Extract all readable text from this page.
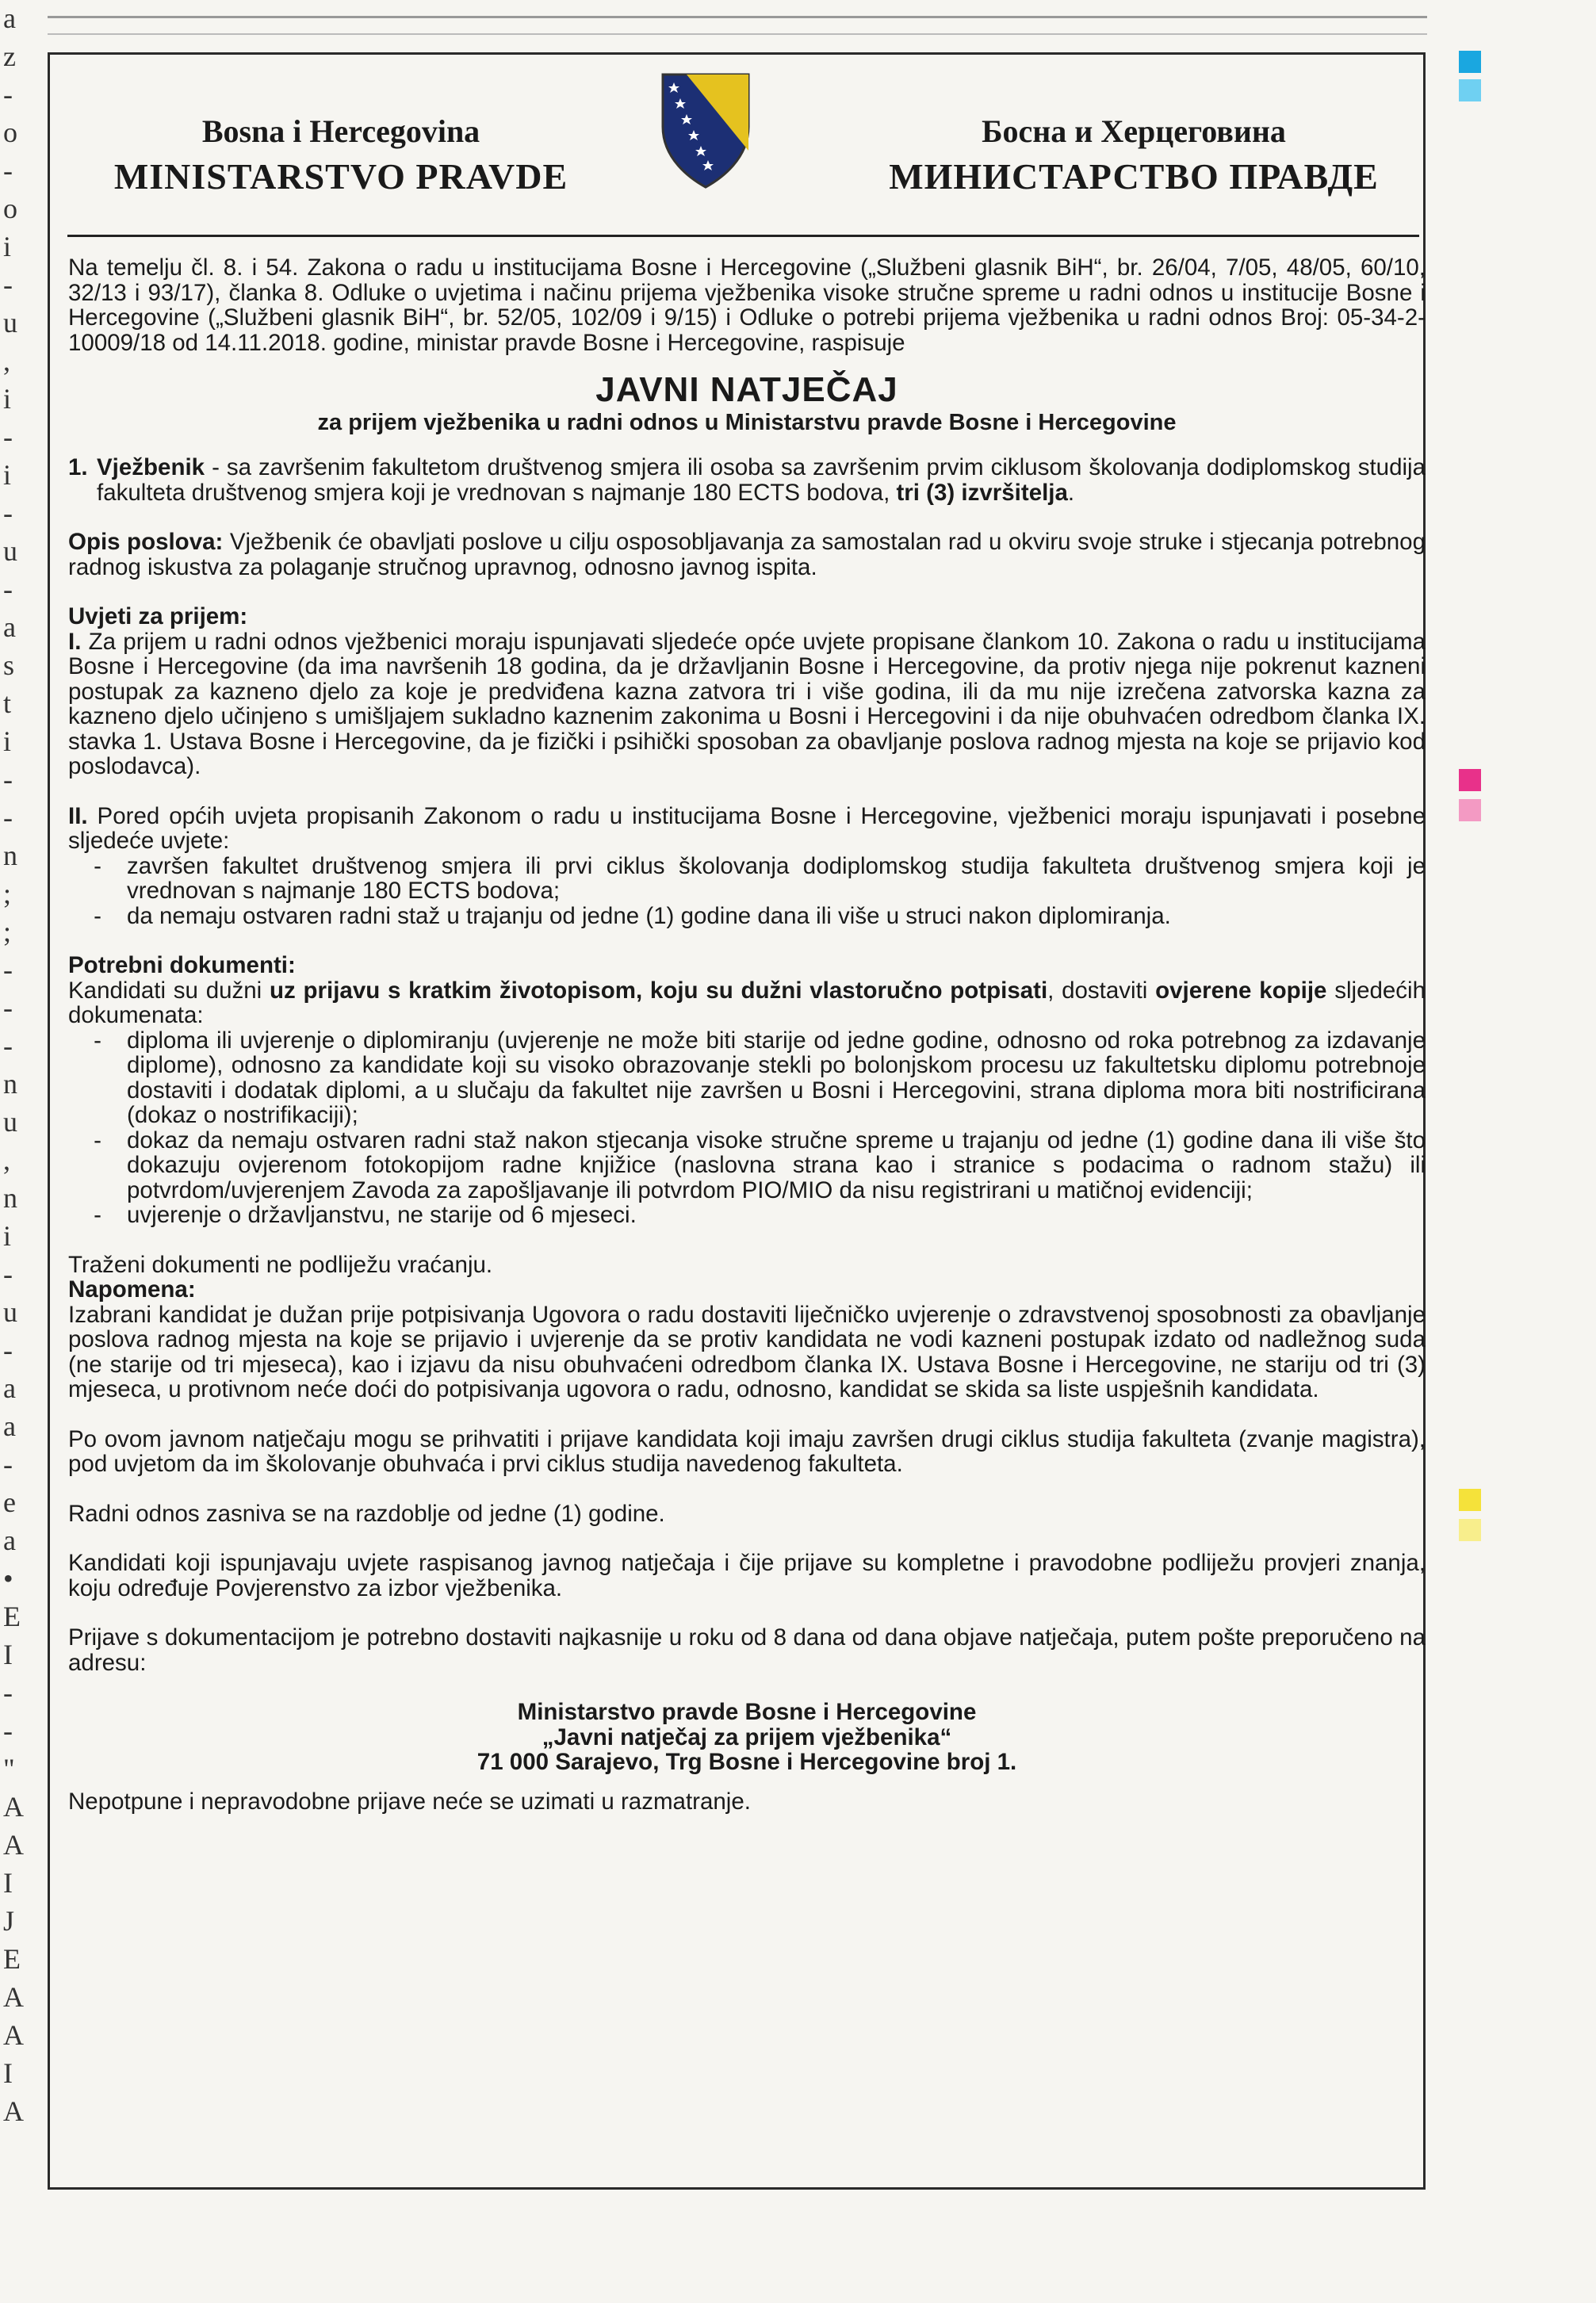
a
z
-
o
-
o
i
-
u
,
i
-
i
-
u
-
a
s
t
i
-
-
n
;
;
-
-
-
n
u
,
n
i
-
u
-
a
a
-
e
a
•
E
I
-
-
"
A
A
I
J
E
A
A
I
A
Bosna i Hercegovina
MINISTARSTVO PRAVDE
Босна и Херцеговина
МИНИСТАРСТВО ПРАВДЕ

Na temelju čl. 8. i 54. Zakona o radu u institucijama Bosne i Hercegovine („Službeni glasnik BiH“, br. 26/04, 7/05, 48/05, 60/10, 32/13 i 93/17), članka 8. Odluke o uvjetima i načinu prijema vježbenika visoke stručne spreme u radni odnos u institucije Bosne i Hercegovine („Službeni glasnik BiH“, br. 52/05, 102/09 i 9/15) i Odluke o potrebi prijema vježbenika u radni odnos Broj: 05-34-2-10009/18 od 14.11.2018. godine, ministar pravde Bosne i Hercegovine, raspisuje

JAVNI NATJEČAJ
za prijem vježbenika u radni odnos u Ministarstvu pravde Bosne i Hercegovine
1. Vježbenik - sa završenim fakultetom društvenog smjera ili osoba sa završenim prvim ciklusom školovanja dodiplomskog studija fakulteta društvenog smjera koji je vrednovan s najmanje 180 ECTS bodova, tri (3) izvršitelja.

Opis poslova: Vježbenik će obavljati poslove u cilju osposobljavanja za samostalan rad u okviru svoje struke i stjecanja potrebnog radnog iskustva za polaganje stručnog upravnog, odnosno javnog ispita.

Uvjeti za prijem:

I. Za prijem u radni odnos vježbenici moraju ispunjavati sljedeće opće uvjete propisane člankom 10. Zakona o radu u institucijama Bosne i Hercegovine (da ima navršenih 18 godina, da je državljanin Bosne i Hercegovine, da protiv njega nije pokrenut kazneni postupak za kazneno djelo za koje je predviđena kazna zatvora tri i više godina, ili da mu nije izrečena zatvorska kazna za kazneno djelo učinjeno s umišljajem sukladno kaznenim zakonima u Bosni i Hercegovini i da nije obuhvaćen odredbom članka IX. stavka 1. Ustava Bosne i Hercegovine, da je fizički i psihički sposoban za obavljanje poslova radnog mjesta na koje se prijavio kod poslodavca).

II. Pored općih uvjeta propisanih Zakonom o radu u institucijama Bosne i Hercegovine, vježbenici moraju ispunjavati i posebne sljedeće uvjete:

-	završen fakultet društvenog smjera ili prvi ciklus školovanja dodiplomskog studija fakulteta društvenog smjera koji je vrednovan s najmanje 180 ECTS bodova;
-	da nemaju ostvaren radni staž u trajanju od jedne (1) godine dana ili više u struci nakon diplomiranja.

Potrebni dokumenti:

Kandidati su dužni uz prijavu s kratkim životopisom, koju su dužni vlastoručno potpisati, dostaviti ovjerene kopije sljedećih dokumenata:

-	diploma ili uvjerenje o diplomiranju (uvjerenje ne može biti starije od jedne godine, odnosno od roka potrebnog za izdavanje diplome), odnosno za kandidate koji su visoko obrazovanje stekli po bolonjskom procesu uz fakultetsku diplomu potrebnoje dostaviti i dodatak diplomi, a u slučaju da fakultet nije završen u Bosni i Hercegovini, strana diploma mora biti nostrificirana (dokaz o nostrifikaciji);
-	dokaz da nemaju ostvaren radni staž nakon stjecanja visoke stručne spreme u trajanju od jedne (1) godine dana ili više što dokazuju ovjerenom fotokopijom radne knjižice (naslovna strana kao i stranice s podacima o radnom stažu) ili potvrdom/uvjerenjem Zavoda za zapošljavanje ili potvrdom PIO/MIO da nisu registrirani u matičnoj evidenciji;
-	uvjerenje o državljanstvu, ne starije od 6 mjeseci.

Traženi dokumenti ne podliježu vraćanju.

Napomena:

Izabrani kandidat je dužan prije potpisivanja Ugovora o radu dostaviti liječničko uvjerenje o zdravstvenoj sposobnosti za obavljanje poslova radnog mjesta na koje se prijavio i uvjerenje da se protiv kandidata ne vodi kazneni postupak izdato od nadležnog suda (ne starije od tri mjeseca), kao i izjavu da nisu obuhvaćeni odredbom članka IX. Ustava Bosne i Hercegovine, ne stariju od tri (3) mjeseca, u protivnom neće doći do potpisivanja ugovora o radu, odnosno, kandidat se skida sa liste uspješnih kandidata.

Po ovom javnom natječaju mogu se prihvatiti i prijave kandidata koji imaju završen drugi ciklus studija fakulteta (zvanje magistra), pod uvjetom da im školovanje obuhvaća i prvi ciklus studija navedenog fakulteta.

Radni odnos zasniva se na razdoblje od jedne (1) godine.

Kandidati koji ispunjavaju uvjete raspisanog javnog natječaja i čije prijave su kompletne i pravodobne podliježu provjeri znanja, koju određuje Povjerenstvo za izbor vježbenika.

Prijave s dokumentacijom je potrebno dostaviti najkasnije u roku od 8 dana od dana objave natječaja, putem pošte preporučeno na adresu:

Ministarstvo pravde Bosne i Hercegovine
„Javni natječaj za prijem vježbenika“
71 000 Sarajevo, Trg Bosne i Hercegovine broj 1.

Nepotpune i nepravodobne prijave neće se uzimati u razmatranje.
